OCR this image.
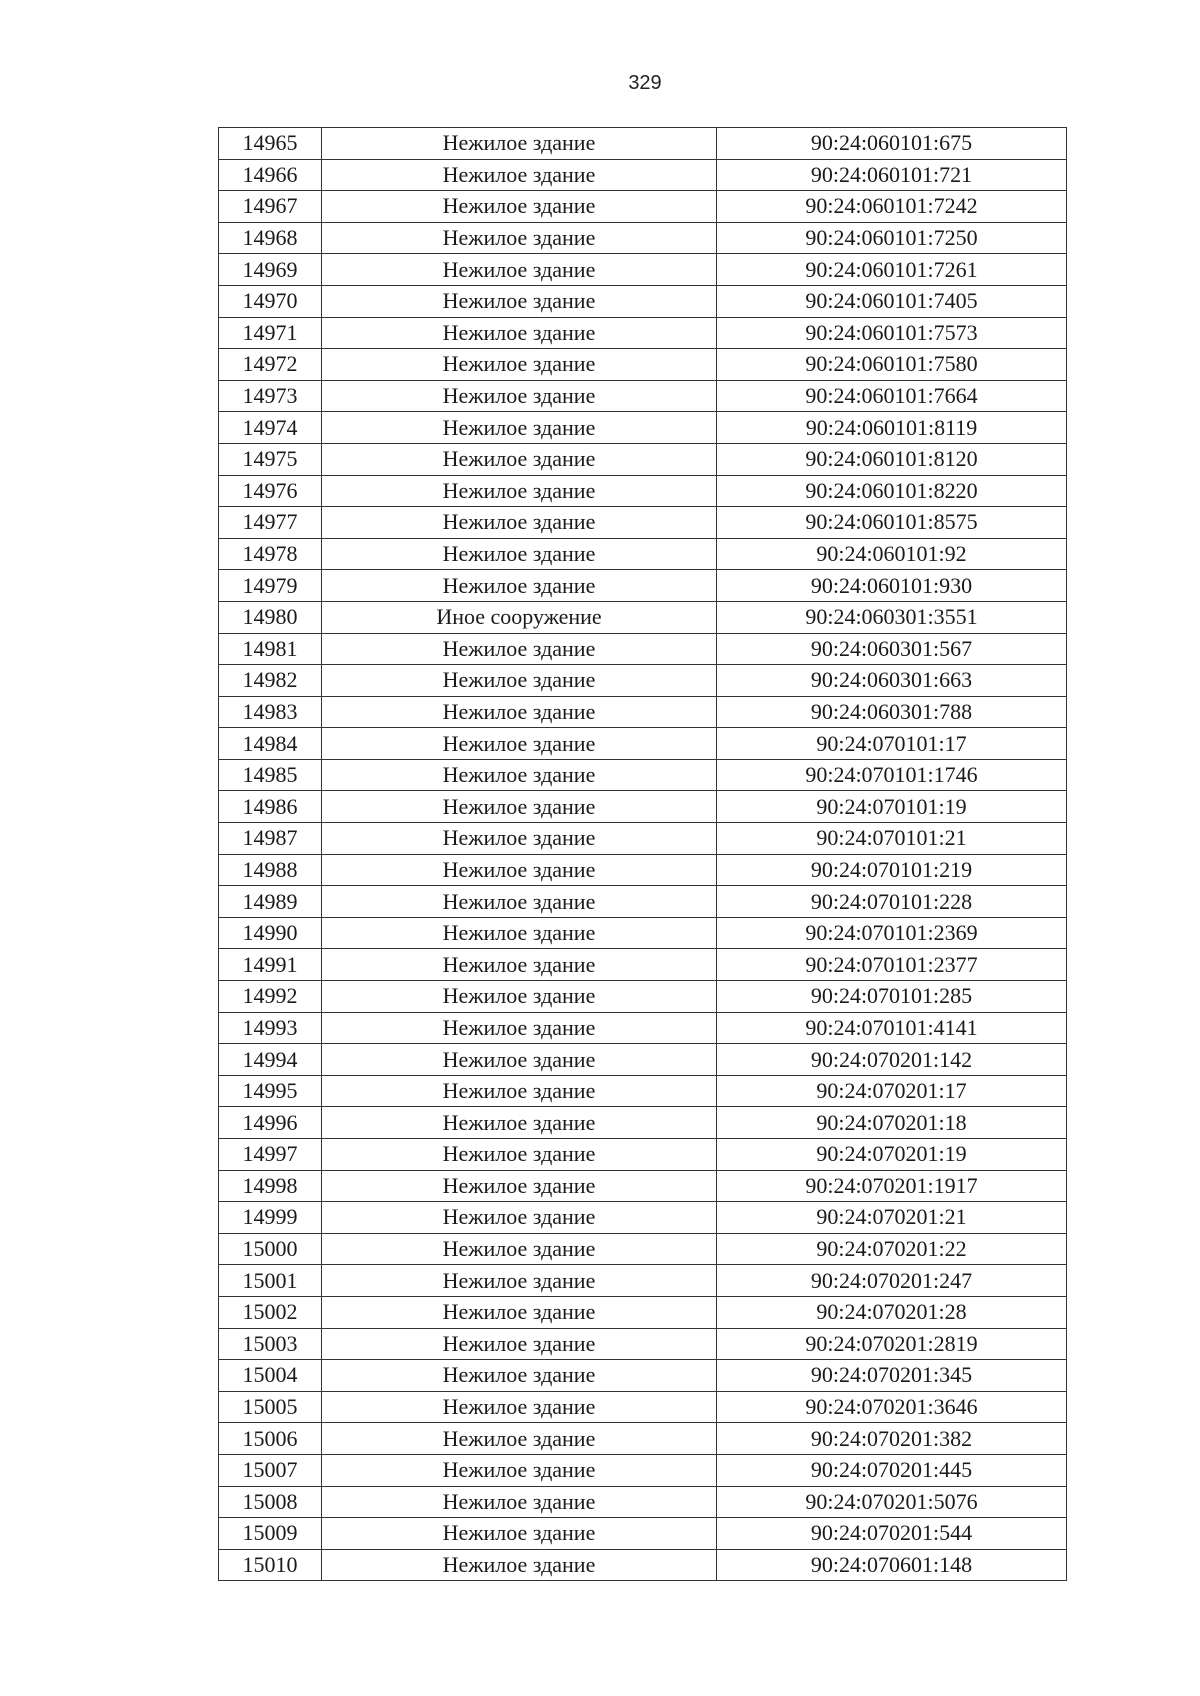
329
14965	Нежилое здание	90:24:060101:675
14966	Нежилое здание	90:24:060101:721
14967	Нежилое здание	90:24:060101:7242
14968	Нежилое здание	90:24:060101:7250
14969	Нежилое здание	90:24:060101:7261
14970	Нежилое здание	90:24:060101:7405
14971	Нежилое здание	90:24:060101:7573
14972	Нежилое здание	90:24:060101:7580
14973	Нежилое здание	90:24:060101:7664
14974	Нежилое здание	90:24:060101:8119
14975	Нежилое здание	90:24:060101:8120
14976	Нежилое здание	90:24:060101:8220
14977	Нежилое здание	90:24:060101:8575
14978	Нежилое здание	90:24:060101:92
14979	Нежилое здание	90:24:060101:930
14980	Иное сооружение	90:24:060301:3551
14981	Нежилое здание	90:24:060301:567
14982	Нежилое здание	90:24:060301:663
14983	Нежилое здание	90:24:060301:788
14984	Нежилое здание	90:24:070101:17
14985	Нежилое здание	90:24:070101:1746
14986	Нежилое здание	90:24:070101:19
14987	Нежилое здание	90:24:070101:21
14988	Нежилое здание	90:24:070101:219
14989	Нежилое здание	90:24:070101:228
14990	Нежилое здание	90:24:070101:2369
14991	Нежилое здание	90:24:070101:2377
14992	Нежилое здание	90:24:070101:285
14993	Нежилое здание	90:24:070101:4141
14994	Нежилое здание	90:24:070201:142
14995	Нежилое здание	90:24:070201:17
14996	Нежилое здание	90:24:070201:18
14997	Нежилое здание	90:24:070201:19
14998	Нежилое здание	90:24:070201:1917
14999	Нежилое здание	90:24:070201:21
15000	Нежилое здание	90:24:070201:22
15001	Нежилое здание	90:24:070201:247
15002	Нежилое здание	90:24:070201:28
15003	Нежилое здание	90:24:070201:2819
15004	Нежилое здание	90:24:070201:345
15005	Нежилое здание	90:24:070201:3646
15006	Нежилое здание	90:24:070201:382
15007	Нежилое здание	90:24:070201:445
15008	Нежилое здание	90:24:070201:5076
15009	Нежилое здание	90:24:070201:544
15010	Нежилое здание	90:24:070601:148
